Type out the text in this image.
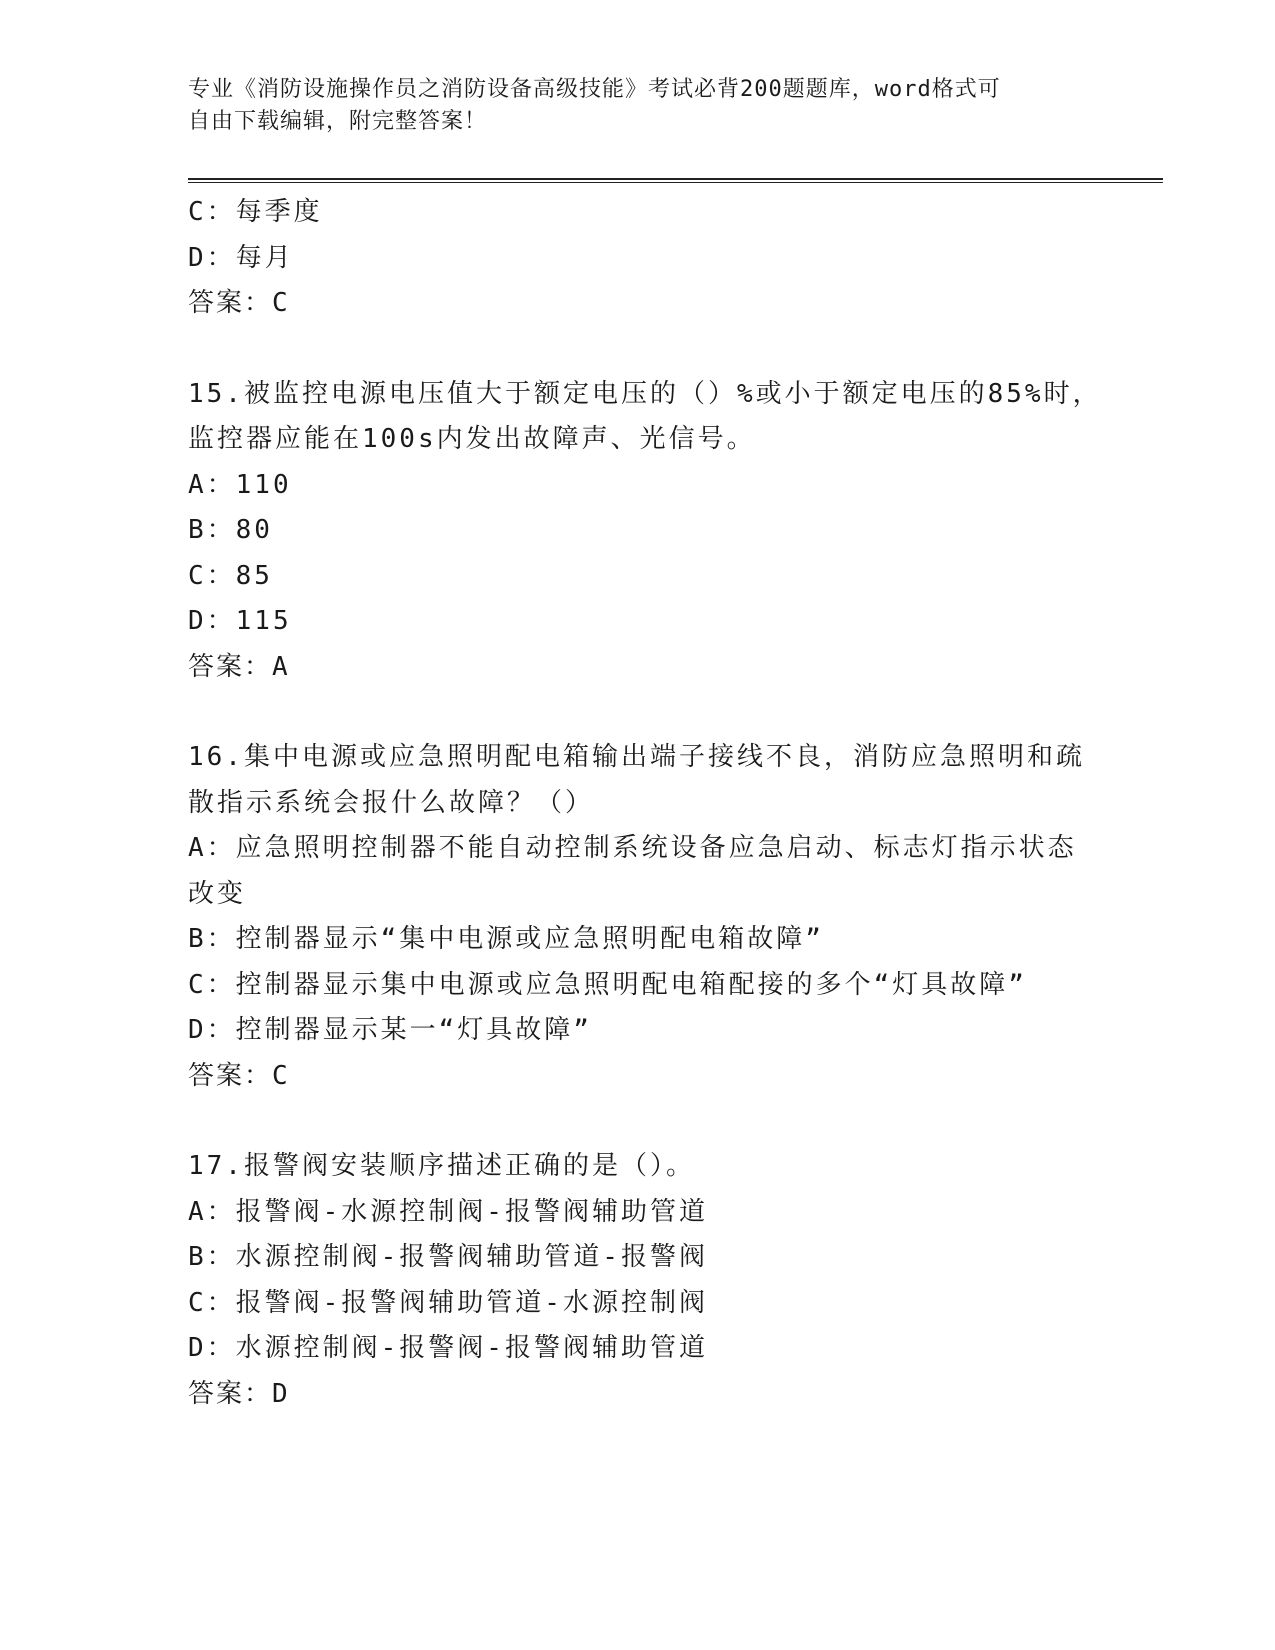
专业《消防设施操作员之消防设备高级技能》考试必背200题题库，word格式可
自由下载编辑，附完整答案！
C：每季度
D：每月
答案：C
15.被监控电源电压值大于额定电压的（）%或小于额定电压的85%时，
监控器应能在100s内发出故障声、光信号。
A：110
B：80
C：85
D：115
答案：A
16.集中电源或应急照明配电箱输出端子接线不良，消防应急照明和疏
散指示系统会报什么故障？（）
A：应急照明控制器不能自动控制系统设备应急启动、标志灯指示状态
改变
B：控制器显示“集中电源或应急照明配电箱故障”
C：控制器显示集中电源或应急照明配电箱配接的多个“灯具故障”
D：控制器显示某一“灯具故障”
答案：C
17.报警阀安装顺序描述正确的是（）。
A：报警阀-水源控制阀-报警阀辅助管道
B：水源控制阀-报警阀辅助管道-报警阀
C：报警阀-报警阀辅助管道-水源控制阀
D：水源控制阀-报警阀-报警阀辅助管道
答案：D
